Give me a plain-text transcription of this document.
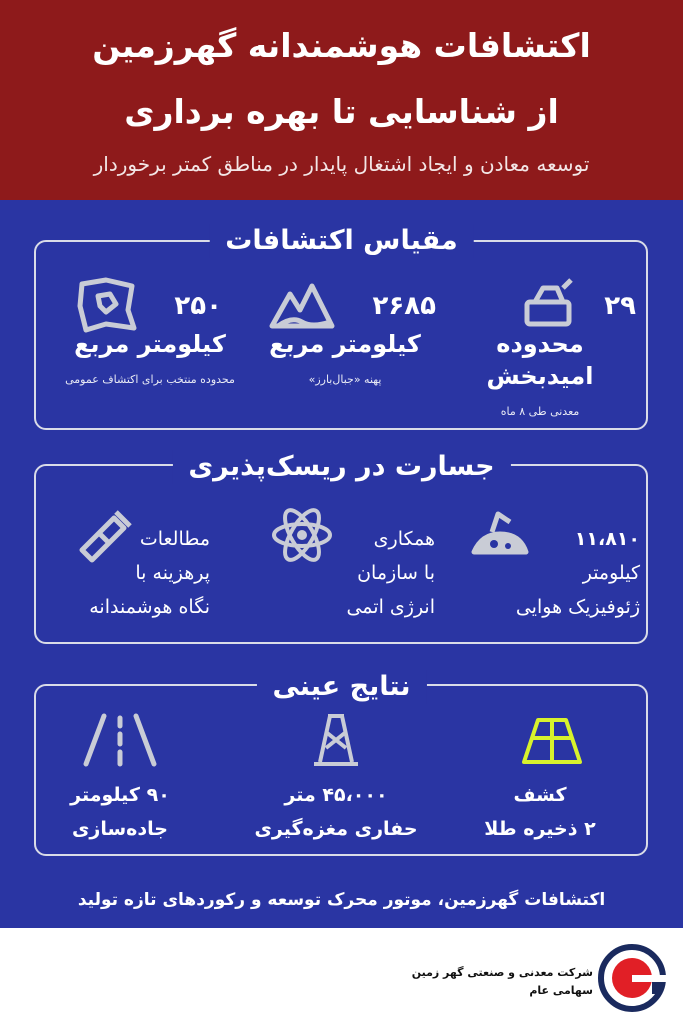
اکتشافات هوشمندانه گهرزمین
از شناسایی تا بهره برداری
توسعه معادن و ایجاد اشتغال پایدار در مناطق کمتر برخوردار
مقیاس اکتشافات
۲۹
محدوده امیدبخش
معدنی طی ۸ ماه
۲۶۸۵
کیلومتر مربع
پهنه «جبال‌بارز»
۲۵۰
کیلومتر مربع
محدوده منتخب برای اکتشاف عمومی
جسارت در ریسک‌پذیری
۱۱،۸۱۰
کیلومتر
ژئوفیزیک هوایی
همکاری
با سازمان
انرژی اتمی
مطالعات
پرهزینه با
نگاه هوشمندانه
نتایج عینی
کشف
۲ ذخیره طلا
۴۵،۰۰۰ متر
حفاری مغزه‌گیری
۹۰ کیلومتر
جاده‌سازی
اکتشافات گهرزمین، موتور محرک توسعه و رکوردهای تازه تولید
شرکت معدنی و صنعتی گهر زمین
سهامی عام
